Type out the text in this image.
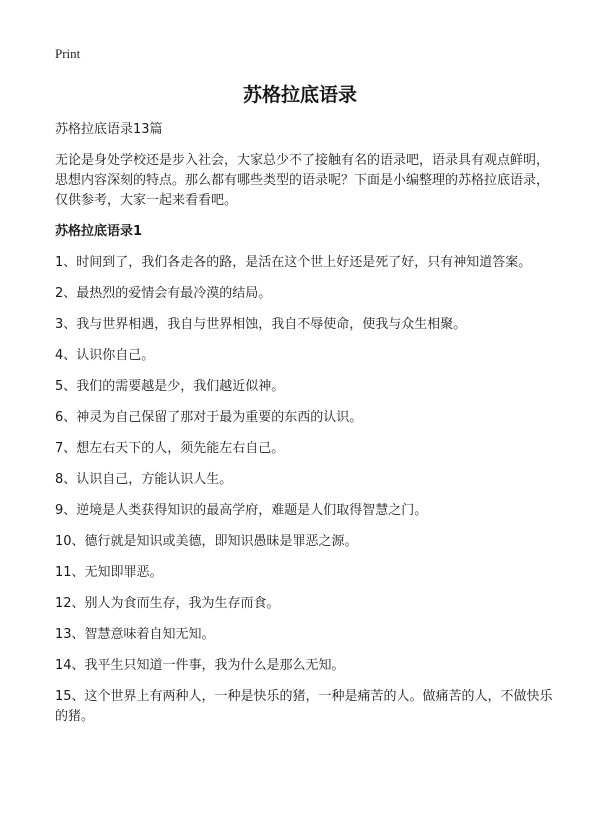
Print
苏格拉底语录

苏格拉底语录13篇

无论是身处学校还是步入社会，大家总少不了接触有名的语录吧，语录具有观点鲜明，思想内容深刻的特点。那么都有哪些类型的语录呢？下面是小编整理的苏格拉底语录，仅供参考，大家一起来看看吧。

苏格拉底语录1

1、时间到了，我们各走各的路，是活在这个世上好还是死了好，只有神知道答案。

2、最热烈的爱情会有最冷漠的结局。

3、我与世界相遇，我自与世界相蚀，我自不辱使命，使我与众生相聚。

4、认识你自己。

5、我们的需要越是少，我们越近似神。

6、神灵为自己保留了那对于最为重要的东西的认识。

7、想左右天下的人，须先能左右自己。

8、认识自己，方能认识人生。

9、逆境是人类获得知识的最高学府，难题是人们取得智慧之门。

10、德行就是知识或美德，即知识愚昧是罪恶之源。

11、无知即罪恶。

12、别人为食而生存，我为生存而食。

13、智慧意味着自知无知。

14、我平生只知道一件事，我为什么是那么无知。

15、这个世界上有两种人，一种是快乐的猪，一种是痛苦的人。做痛苦的人，不做快乐的猪。
